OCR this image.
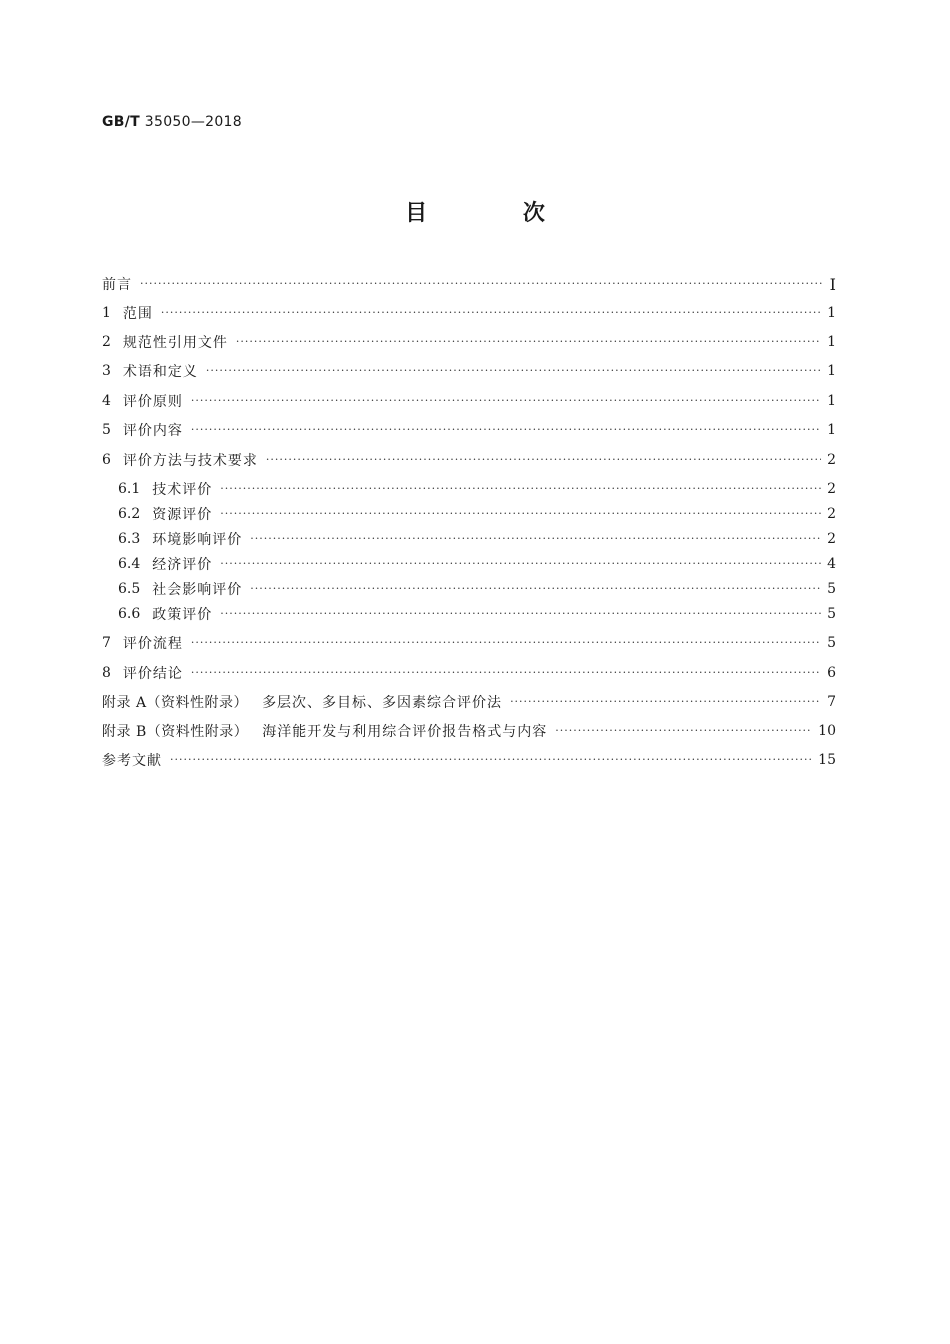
GB/T 35050—2018
目 次
前言 ·····	Ⅰ
1 范围 ·····	1
2 规范性引用文件 ·····	1
3 术语和定义 ·····	1
4 评价原则 ·····	1
5 评价内容 ·····	1
6 评价方法与技术要求 ·····	2
6.1 技术评价 ·····	2
6.2 资源评价 ·····	2
6.3 环境影响评价 ·····	2
6.4 经济评价 ·····	4
6.5 社会影响评价 ·····	5
6.6 政策评价 ·····	5
7 评价流程 ·····	5
8 评价结论 ·····	6
附录 A（资料性附录） 多层次、多目标、多因素综合评价法 ·····	7
附录 B（资料性附录） 海洋能开发与利用综合评价报告格式与内容 ·····	10
参考文献 ·····	15
